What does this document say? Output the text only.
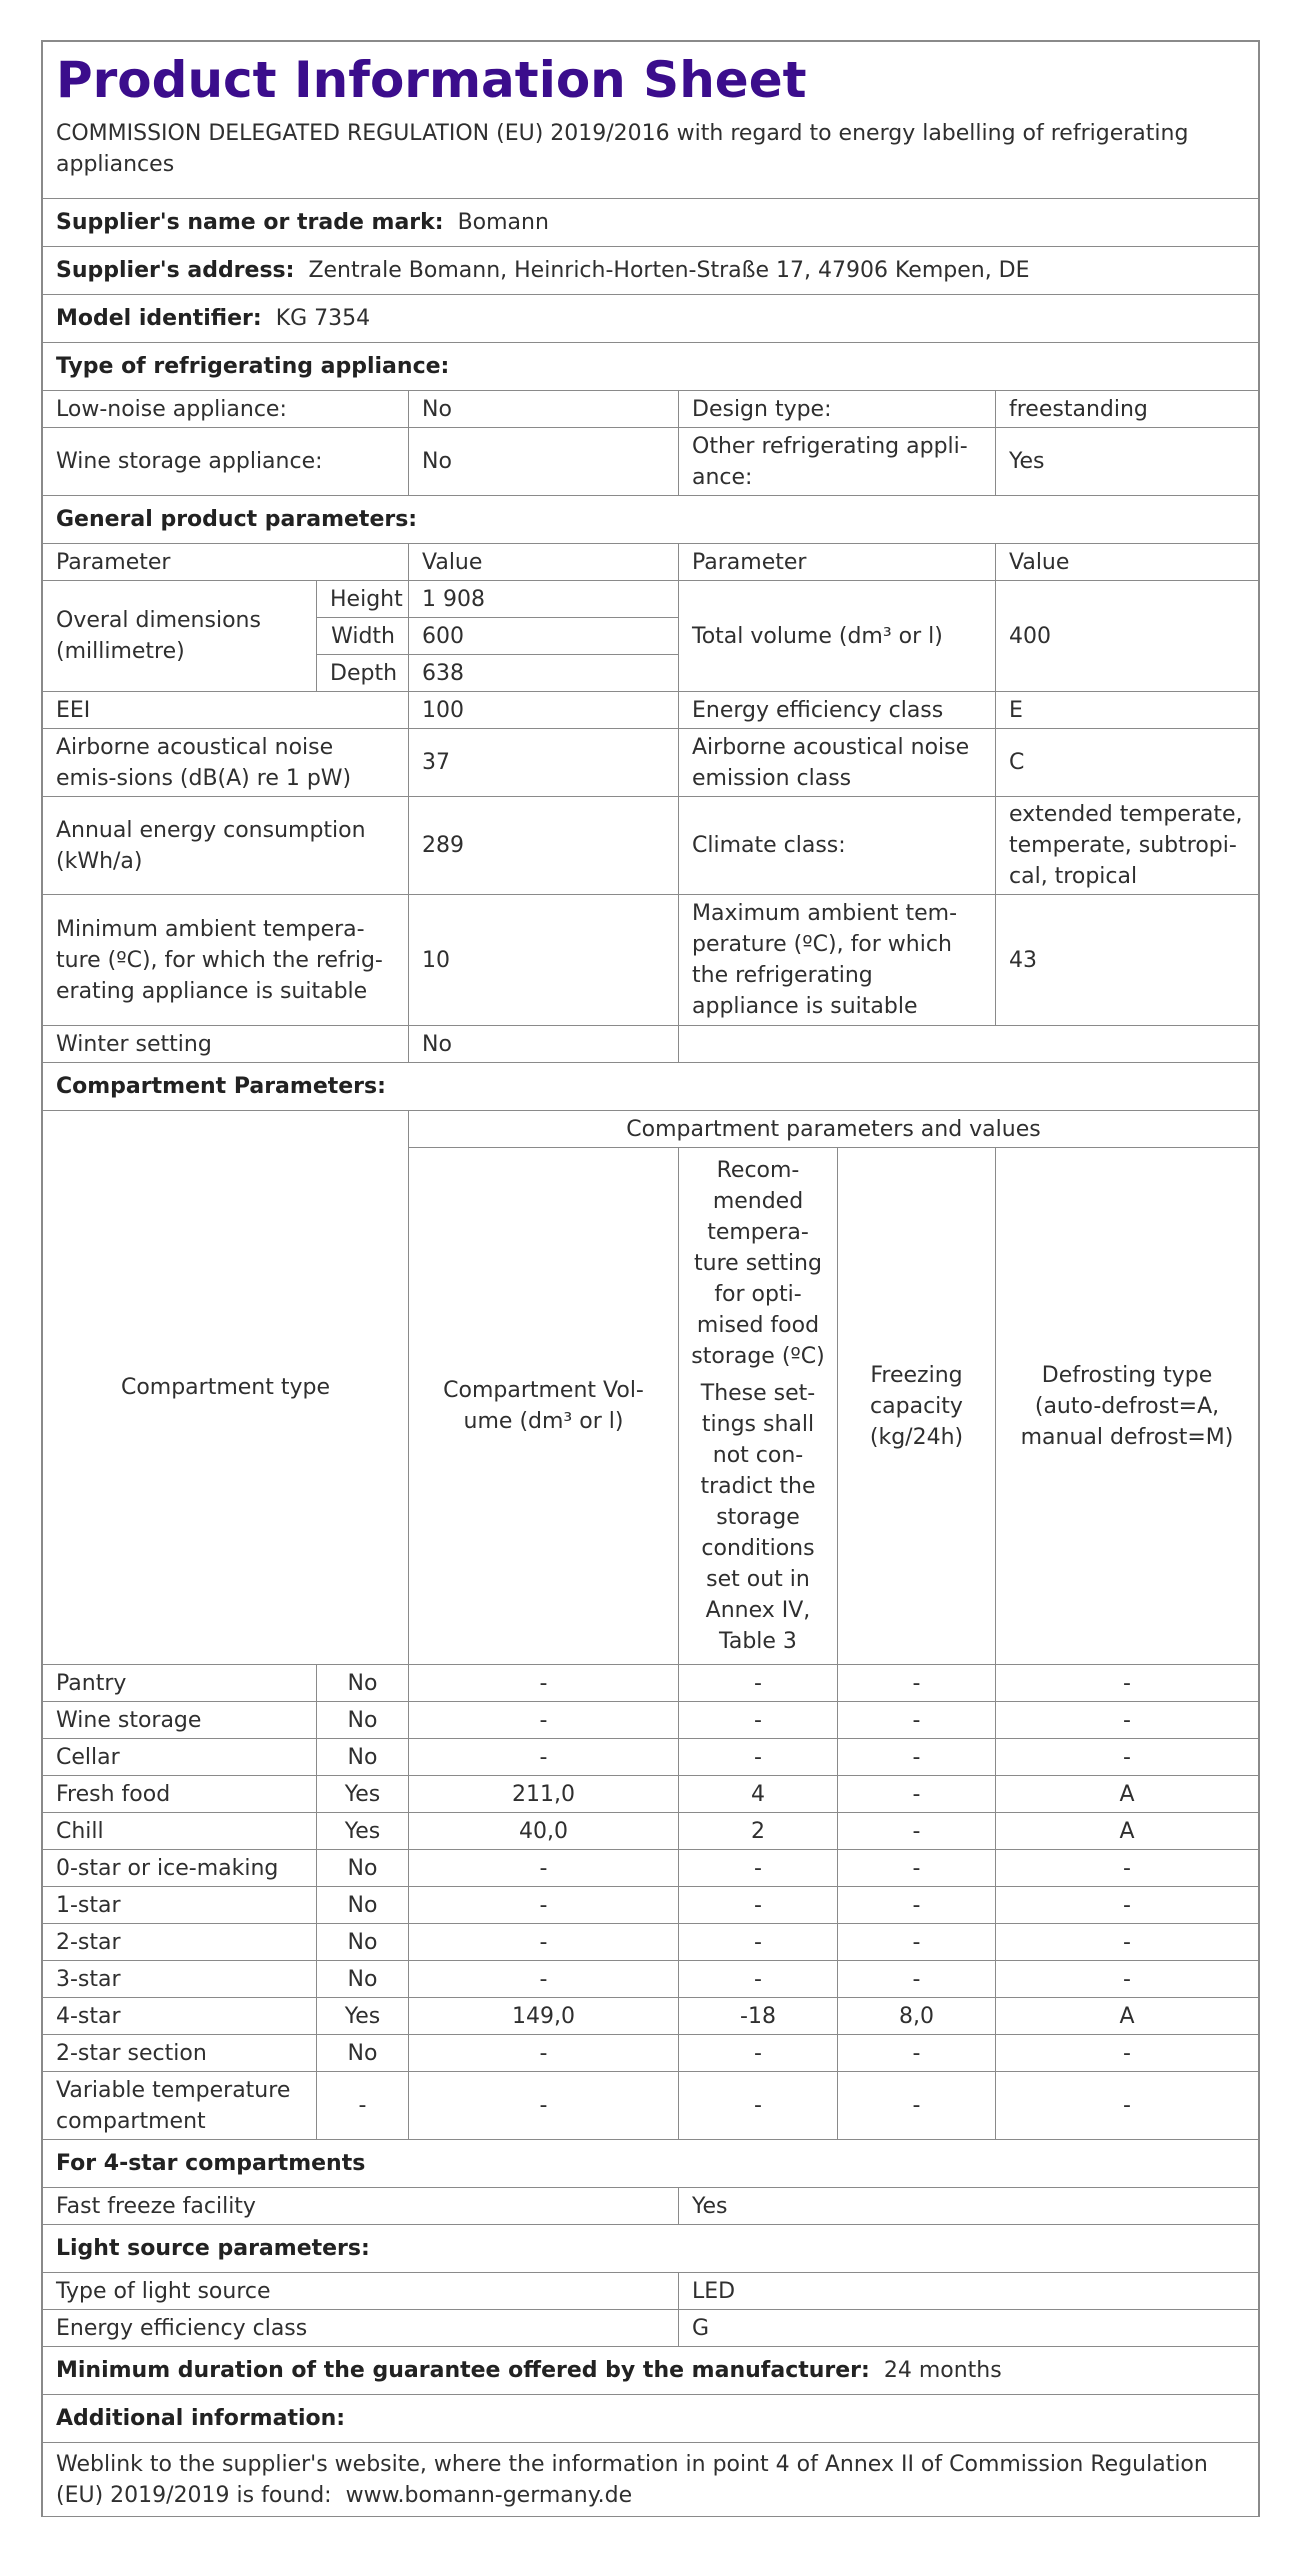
Product Information Sheet
COMMISSION DELEGATED REGULATION (EU) 2019/2016 with regard to energy labelling of refrigerating appliances					

Supplier's name or trade mark: Bomann					
Supplier's address: Zentrale Bomann, Heinrich-Horten-Straße 17, 47906 Kempen, DE					
Model identifier: KG 7354					
Type of refrigerating appliance:					
Low-noise appliance:		No	Design type:		freestanding
Wine storage appliance:		No	Other refrigerating appli-ance:		Yes
General product parameters:					
Parameter		Value	Parameter		Value
Overal dimensions (millimetre)	Height	1 908	Total volume (dm³ or l)		400
	Width	600			
	Depth	638			
EEI		100	Energy efficiency class		E
Airborne acoustical noise emis-sions (dB(A) re 1 pW)		37	Airborne acoustical noise emission class		C
Annual energy consumption (kWh/a)		289	Climate class:		extended temperate, temperate, subtropi-cal, tropical
Minimum ambient tempera-ture (ºC), for which the refrig-erating appliance is suitable		10	Maximum ambient tem-perature (ºC), for which the refrigerating appliance is suitable		43
Winter setting		No			
Compartment Parameters:					
Compartment type		Compartment parameters and values			
		Compartment Vol-ume (dm³ or l)	Recom-mended tempera-ture setting for opti-mised food storage (ºC)
These set-tings shall not con-tradict the storage conditions set out in Annex IV, Table 3	Freezing capacity (kg/24h)	Defrosting type (auto-defrost=A, manual defrost=M)
Pantry	No	-	-	-	-
Wine storage	No	-	-	-	-
Cellar	No	-	-	-	-
Fresh food	Yes	211,0	4	-	A
Chill	Yes	40,0	2	-	A
0-star or ice-making	No	-	-	-	-
1-star	No	-	-	-	-
2-star	No	-	-	-	-
3-star	No	-	-	-	-
4-star	Yes	149,0	-18	8,0	A
2-star section	No	-	-	-	-
Variable temperature compartment	-	-	-	-	-
For 4-star compartments					
Fast freeze facility			Yes		
Light source parameters:					
Type of light source			LED		
Energy efficiency class			G		
Minimum duration of the guarantee offered by the manufacturer: 24 months					
Additional information:					
Weblink to the supplier's website, where the information in point 4 of Annex II of Commission Regulation (EU) 2019/2019 is found: www.bomann-germany.de					
